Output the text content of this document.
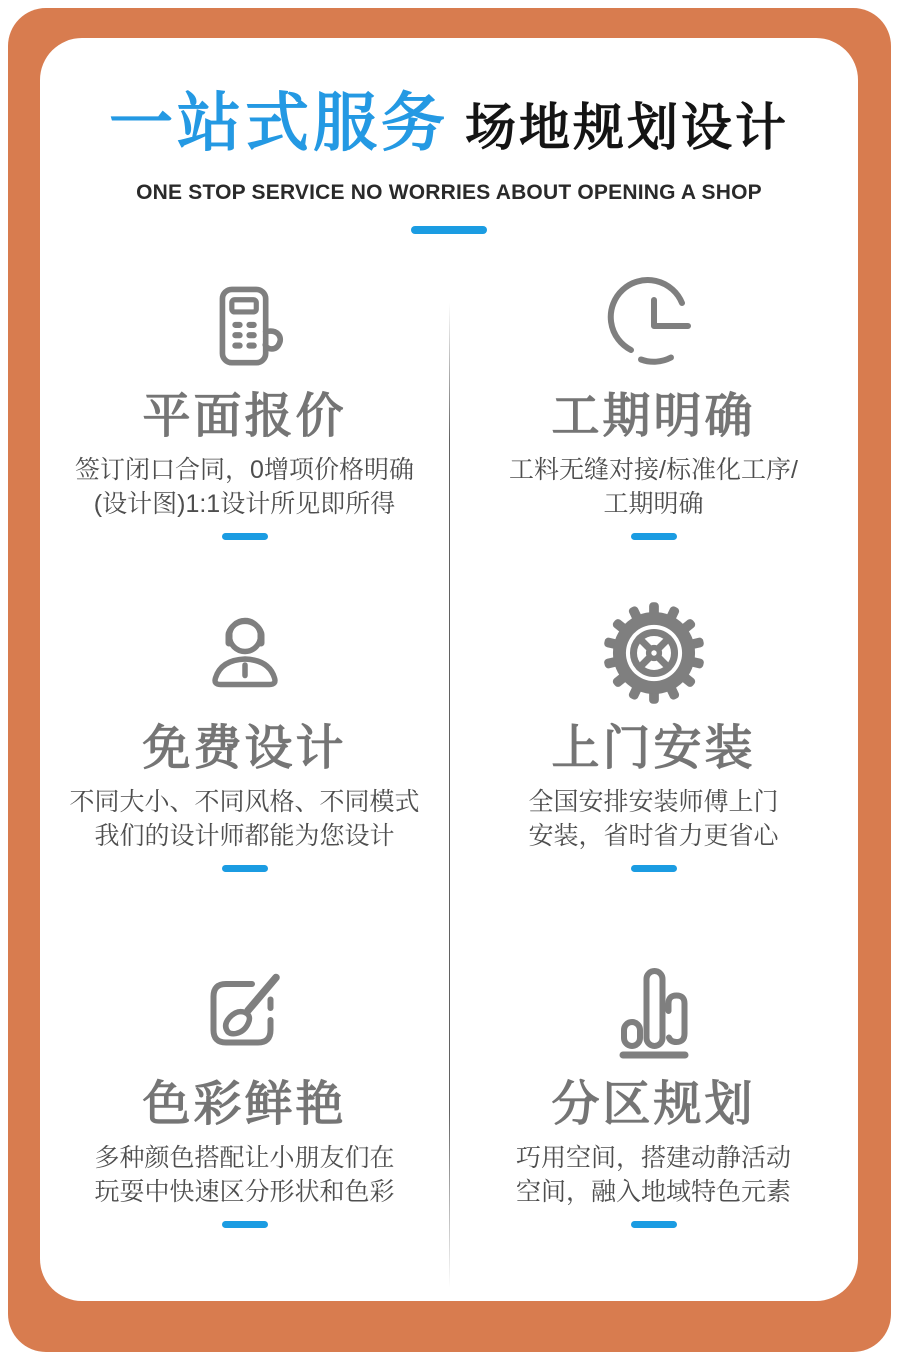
一站式服务 场地规划设计
ONE STOP SERVICE NO WORRIES ABOUT OPENING A SHOP
平面报价

签订闭口合同，0增项价格明确
(设计图)1:1设计所见即所得

工期明确

工料无缝对接/标准化工序/
工期明确

免费设计

不同大小、不同风格、不同模式
我们的设计师都能为您设计

上门安装

全国安排安装师傅上门
安装，省时省力更省心

色彩鲜艳

多种颜色搭配让小朋友们在
玩耍中快速区分形状和色彩

分区规划

巧用空间，搭建动静活动
空间，融入地域特色元素
